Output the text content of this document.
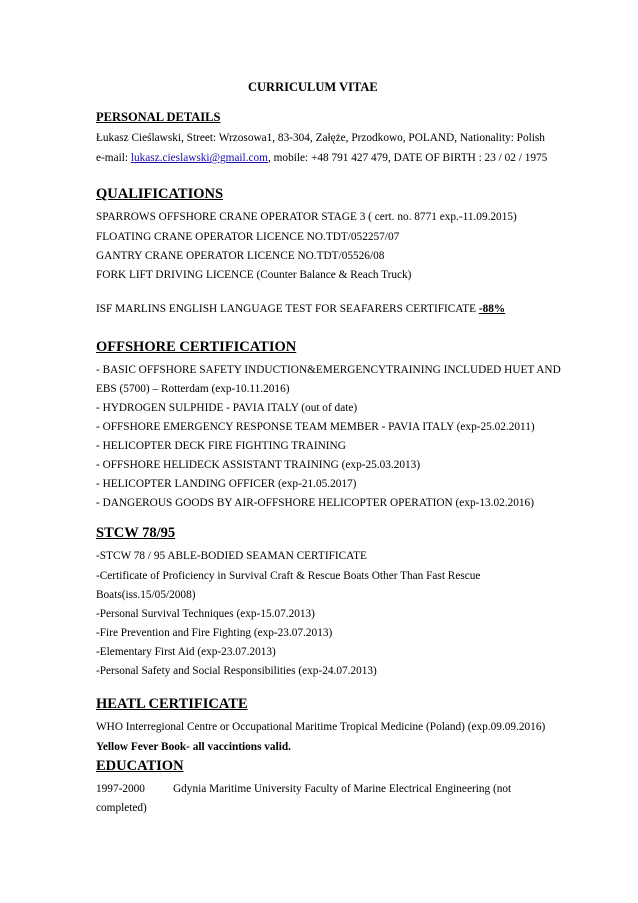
CURRICULUM VITAE
PERSONAL DETAILS
Łukasz Cieślawski, Street: Wrzosowa1, 83-304, Załęże, Przodkowo, POLAND, Nationality: Polish
e-mail: lukasz.cieslawski@gmail.com, mobile: +48 791 427 479, DATE OF BIRTH : 23 / 02 / 1975
QUALIFICATIONS
SPARROWS OFFSHORE CRANE OPERATOR STAGE 3 ( cert. no. 8771 exp.-11.09.2015)
FLOATING CRANE OPERATOR LICENCE NO.TDT/052257/07
GANTRY CRANE OPERATOR LICENCE NO.TDT/05526/08
FORK LIFT DRIVING LICENCE (Counter Balance & Reach Truck)
ISF MARLINS ENGLISH LANGUAGE TEST FOR SEAFARERS CERTIFICATE -88%
OFFSHORE CERTIFICATION
- BASIC OFFSHORE SAFETY INDUCTION&EMERGENCYTRAINING INCLUDED HUET AND
EBS (5700) – Rotterdam (exp-10.11.2016)
- HYDROGEN SULPHIDE - PAVIA ITALY (out of date)
- OFFSHORE EMERGENCY RESPONSE TEAM MEMBER - PAVIA ITALY (exp-25.02.2011)
- HELICOPTER DECK FIRE FIGHTING TRAINING
- OFFSHORE HELIDECK ASSISTANT TRAINING (exp-25.03.2013)
- HELICOPTER LANDING OFFICER (exp-21.05.2017)
- DANGEROUS GOODS BY AIR-OFFSHORE HELICOPTER OPERATION (exp-13.02.2016)
STCW 78/95
-STCW 78 / 95 ABLE-BODIED SEAMAN CERTIFICATE
-Certificate of Proficiency in Survival Craft & Rescue Boats Other Than Fast Rescue
Boats(iss.15/05/2008)
-Personal Survival Techniques (exp-15.07.2013)
-Fire Prevention and Fire Fighting (exp-23.07.2013)
-Elementary First Aid (exp-23.07.2013)
-Personal Safety and Social Responsibilities (exp-24.07.2013)
HEATL CERTIFICATE
WHO Interregional Centre or Occupational Maritime Tropical Medicine (Poland) (exp.09.09.2016)
Yellow Fever Book- all vaccintions valid.
EDUCATION
1997-2000 Gdynia Maritime University Faculty of Marine Electrical Engineering (not
completed)
